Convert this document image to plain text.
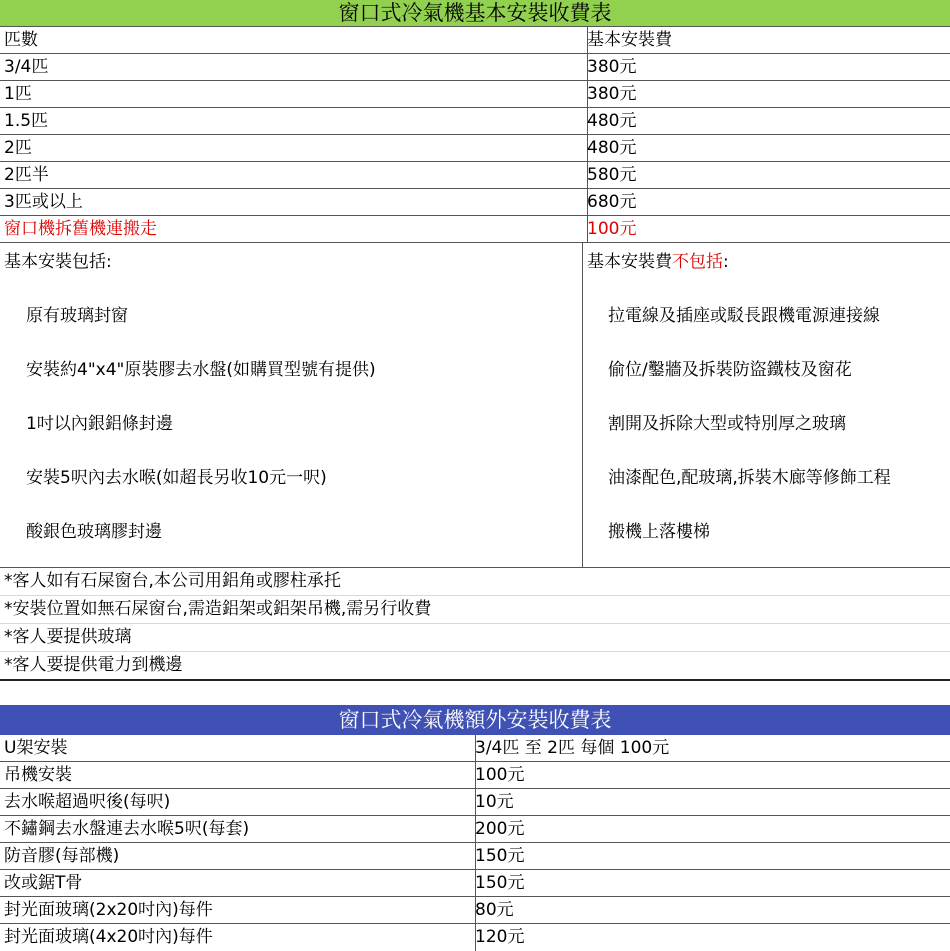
窗口式冷氣機基本安裝收費表
匹數	基本安裝費
3/4匹	380元
1匹	380元
1.5匹	480元
2匹	480元
2匹半	580元
3匹或以上	680元
窗口機拆舊機連搬走	100元
基本安裝包括:
原有玻璃封窗
安裝約4"x4"原裝膠去水盤(如購買型號有提供)
1吋以內銀鋁條封邊
安裝5呎內去水喉(如超長另收10元一呎)
酸銀色玻璃膠封邊
基本安裝費不包括:
拉電線及插座或駁長跟機電源連接線
偷位/鑿牆及拆裝防盜鐵枝及窗花
割開及拆除大型或特別厚之玻璃
油漆配色,配玻璃,拆裝木廊等修飾工程
搬機上落樓梯
*客人如有石屎窗台,本公司用鋁角或膠柱承托
*安裝位置如無石屎窗台,需造鋁架或鋁架吊機,需另行收費
*客人要提供玻璃
*客人要提供電力到機邊
窗口式冷氣機額外安裝收費表
U架安裝	3/4匹 至 2匹 每個 100元
吊機安裝	100元
去水喉超過呎後(每呎)	10元
不鏽鋼去水盤連去水喉5呎(每套)	200元
防音膠(每部機)	150元
改或鋸T骨	150元
封光面玻璃(2x20吋內)每件	80元
封光面玻璃(4x20吋內)每件	120元
